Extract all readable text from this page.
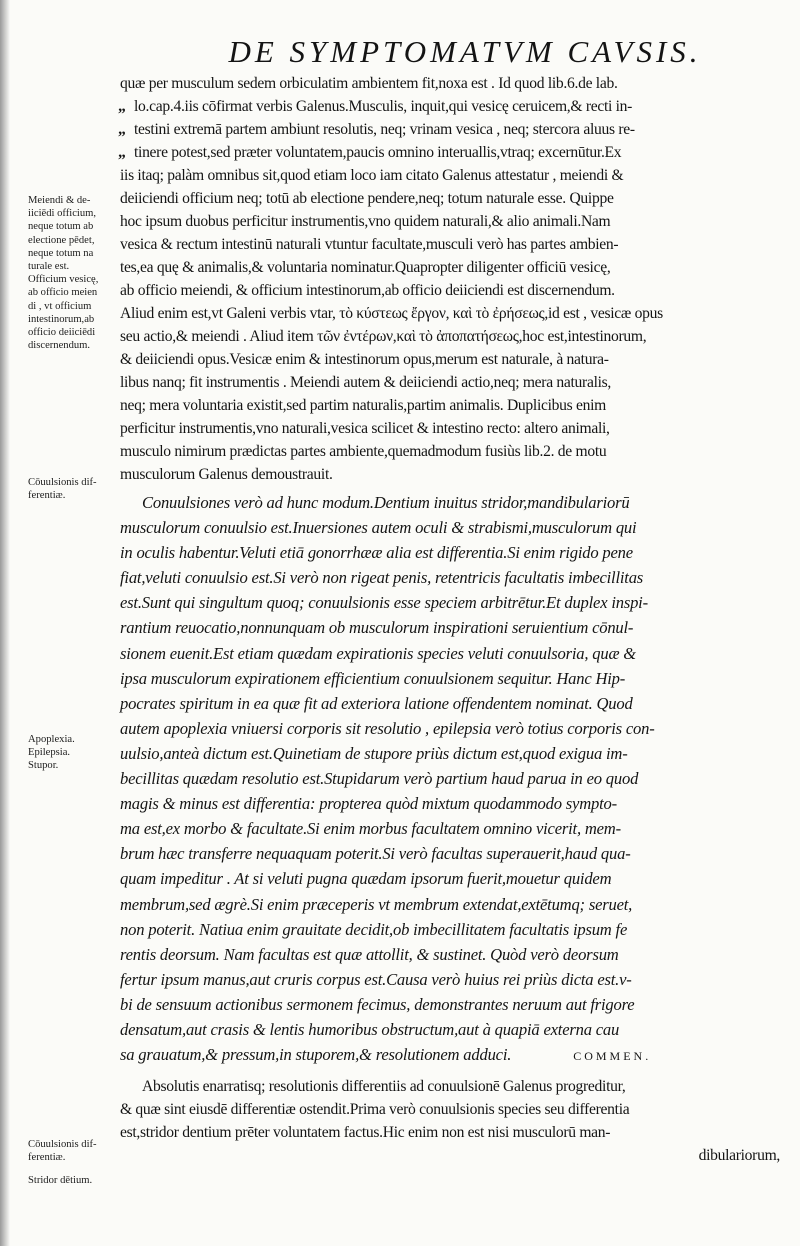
DE SYMPTOMATVM CAVSIS.
quæ per musculum sedem orbiculatim ambientem fit,noxa est . Id quod lib.6.de lab.
„ lo.cap.4.iis cōfirmat verbis Galenus.Musculis, inquit,qui vesicę ceruicem,& recti in-
„ testini extremā partem ambiunt resolutis, neq; vrinam vesica , neq; stercora aluus re-
„ tinere potest,sed præter voluntatem,paucis omnino interuallis,vtraq; excernūtur.Ex
iis itaq; palàm omnibus sit,quod etiam loco iam citato Galenus attestatur , meiendi &
deiiciendi officium neq; totū ab electione pendere,neq; totum naturale esse. Quippe
hoc ipsum duobus perficitur instrumentis,vno quidem naturali,& alio animali.Nam
vesica & rectum intestinū naturali vtuntur facultate,musculi verò has partes ambien-
tes,ea quę & animalis,& voluntaria nominatur.Quapropter diligenter officiū vesicę,
ab officio meiendi, & officium intestinorum,ab officio deiiciendi est discernendum.
Aliud enim est,vt Galeni verbis vtar, τὸ κύστεως ἔργον, καὶ τὸ ἐρήσεως,id est , vesicæ opus
seu actio,& meiendi . Aliud item τῶν ἐντέρων,καὶ τὸ ἀποπατήσεως,hoc est,intestinorum,
& deiiciendi opus.Vesicæ enim & intestinorum opus,merum est naturale, à natura-
libus nanq; fit instrumentis . Meiendi autem & deiiciendi actio,neq; mera naturalis,
neq; mera voluntaria existit,sed partim naturalis,partim animalis. Duplicibus enim
perficitur instrumentis,vno naturali,vesica scilicet & intestino recto: altero animali,
musculo nimirum prædictas partes ambiente,quemadmodum fusiùs lib.2. de motu
musculorum Galenus demoustrauit.
Conuulsiones verò ad hunc modum.Dentium inuitus stridor,mandibulariorū
musculorum conuulsio est.Inuersiones autem oculi & strabismi,musculorum qui
in oculis habentur.Veluti etiā gonorrhææ alia est differentia.Si enim rigido pene
fiat,veluti conuulsio est.Si verò non rigeat penis, retentricis facultatis imbecillitas
est.Sunt qui singultum quoq; conuulsionis esse speciem arbitrētur.Et duplex inspi-
rantium reuocatio,nonnunquam ob musculorum inspirationi seruientium cōnul-
sionem euenit.Est etiam quædam expirationis species veluti conuulsoria, quæ &
ipsa musculorum expirationem efficientium conuulsionem sequitur. Hanc Hip-
pocrates spiritum in ea quæ fit ad exteriora latione offendentem nominat. Quod
autem apoplexia vniuersi corporis sit resolutio , epilepsia verò totius corporis con-
uulsio,anteà dictum est.Quinetiam de stupore priùs dictum est,quod exigua im-
becillitas quædam resolutio est.Stupidarum verò partium haud parua in eo quod
magis & minus est differentia: propterea quòd mixtum quodammodo sympto-
ma est,ex morbo & facultate.Si enim morbus facultatem omnino vicerit, mem-
brum hæc transferre nequaquam poterit.Si verò facultas superauerit,haud qua-
quam impeditur . At si veluti pugna quædam ipsorum fuerit,mouetur quidem
membrum,sed ægrè.Si enim præceperis vt membrum extendat,extētumq; seruet,
non poterit. Natiua enim grauitate decidit,ob imbecillitatem facultatis ipsum fe
rentis deorsum. Nam facultas est quæ attollit, & sustinet. Quòd verò deorsum
fertur ipsum manus,aut cruris corpus est.Causa verò huius rei priùs dicta est.v-
bi de sensuum actionibus sermonem fecimus, demonstrantes neruum aut frigore
densatum,aut crasis & lentis humoribus obstructum,aut à quapiā externa cau
sa grauatum,& pressum,in stuporem,& resolutionem adduci.	COMMEN.
Absolutis enarratisq; resolutionis differentiis ad conuulsionē Galenus progreditur,
& quæ sint eiusdē differentiæ ostendit.Prima verò conuulsionis species seu differentia
est,stridor dentium prēter voluntatem factus.Hic enim non est nisi musculorū man-
dibulariorum,
Meiendi & de-
iiciēdi officium,
neque totum ab
electione pēdet,
neque totum na
turale est.
Officium vesicę,
ab officio meien
di , vt officium
intestinorum,ab
officio deiiciēdi
discernendum.
Cōuulsionis dif-
ferentiæ.
Apoplexia.
Epilepsia.
Stupor.
Cōuulsionis dif-
ferentiæ.
Stridor dētium.
